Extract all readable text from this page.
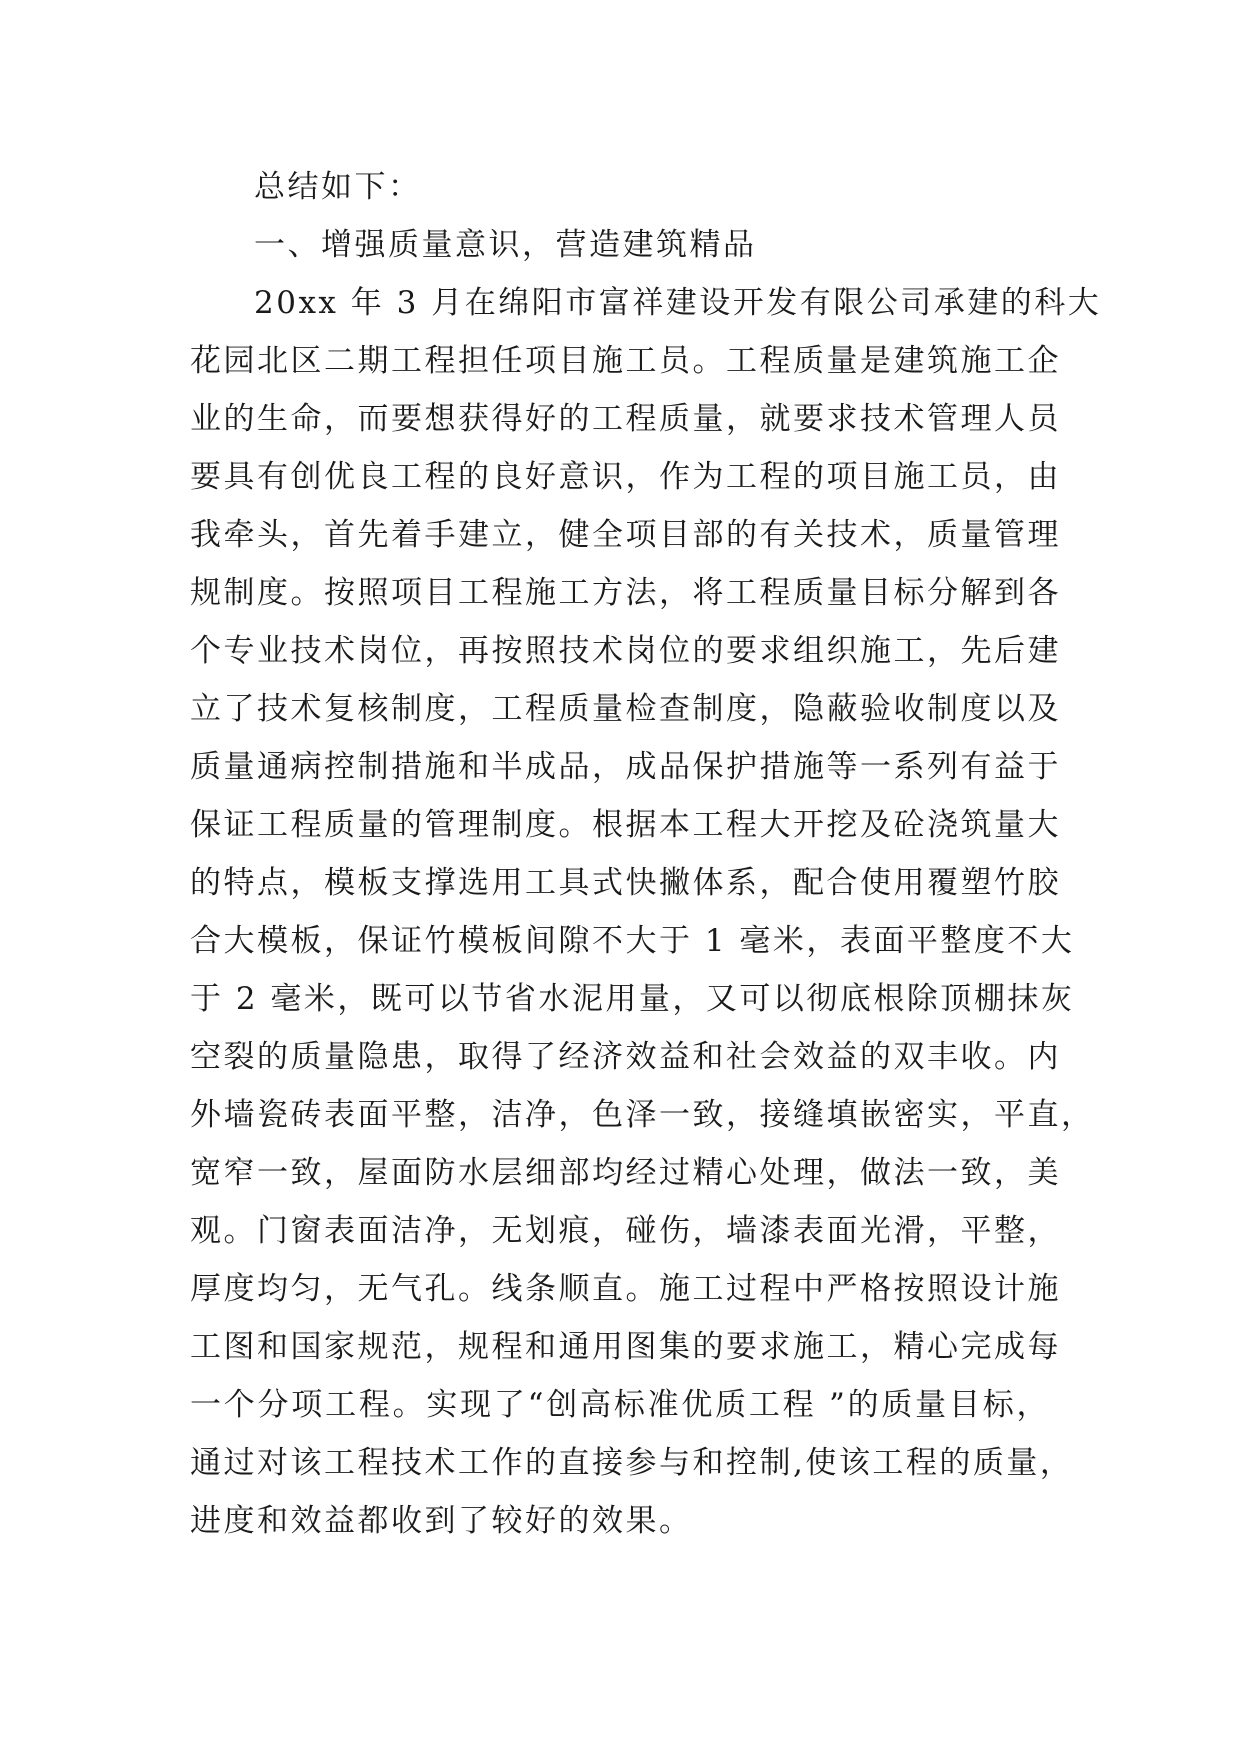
总结如下：
一、增强质量意识，营造建筑精品
20xx 年 3 月在绵阳市富祥建设开发有限公司承建的科大
花园北区二期工程担任项目施工员。工程质量是建筑施工企
业的生命，而要想获得好的工程质量，就要求技术管理人员
要具有创优良工程的良好意识，作为工程的项目施工员，由
我牵头，首先着手建立，健全项目部的有关技术，质量管理
规制度。按照项目工程施工方法，将工程质量目标分解到各
个专业技术岗位，再按照技术岗位的要求组织施工，先后建
立了技术复核制度，工程质量检查制度，隐蔽验收制度以及
质量通病控制措施和半成品，成品保护措施等一系列有益于
保证工程质量的管理制度。根据本工程大开挖及砼浇筑量大
的特点，模板支撑选用工具式快撇体系，配合使用覆塑竹胶
合大模板，保证竹模板间隙不大于 1 毫米，表面平整度不大
于 2 毫米，既可以节省水泥用量，又可以彻底根除顶棚抹灰
空裂的质量隐患，取得了经济效益和社会效益的双丰收。内
外墙瓷砖表面平整，洁净，色泽一致，接缝填嵌密实，平直，
宽窄一致，屋面防水层细部均经过精心处理，做法一致，美
观。门窗表面洁净，无划痕，碰伤，墙漆表面光滑，平整，
厚度均匀，无气孔。线条顺直。施工过程中严格按照设计施
工图和国家规范，规程和通用图集的要求施工，精心完成每
一个分项工程。实现了“创高标准优质工程 ”的质量目标，
通过对该工程技术工作的直接参与和控制,使该工程的质量，
进度和效益都收到了较好的效果。
